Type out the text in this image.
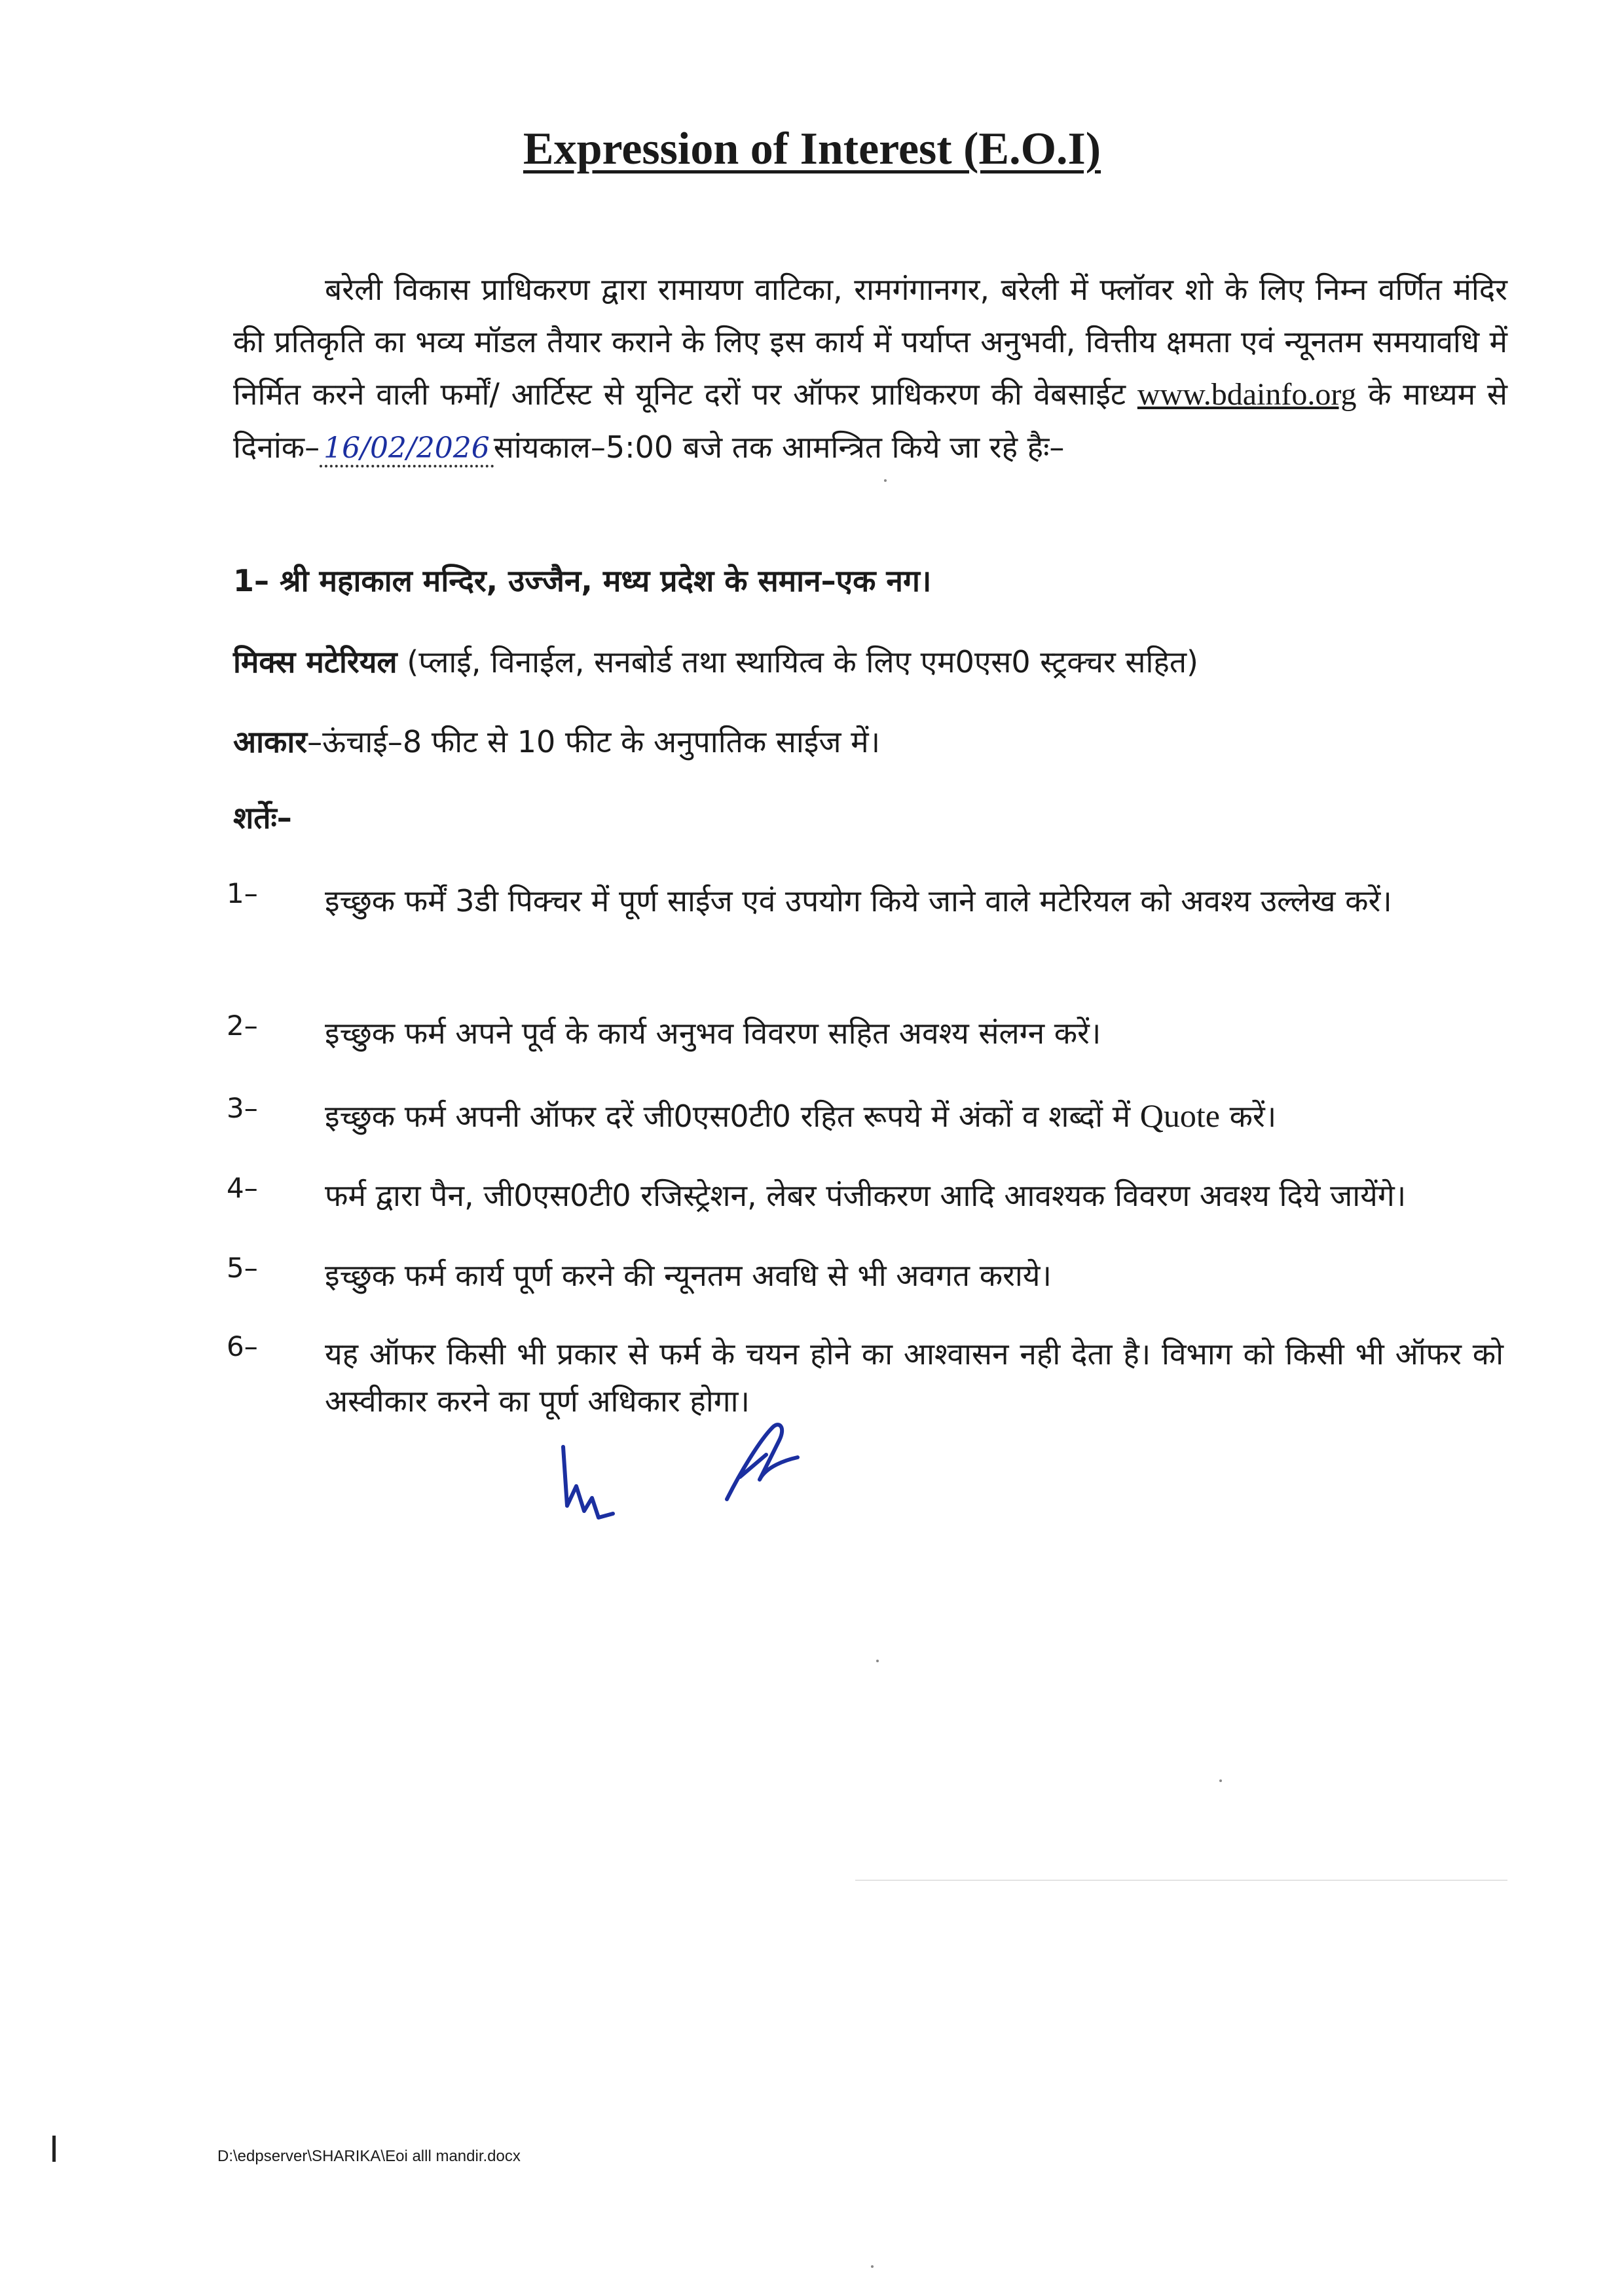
Expression of Interest (E.O.I)
बरेली विकास प्राधिकरण द्वारा रामायण वाटिका, रामगंगानगर, बरेली में फ्लॉवर शो के लिए निम्न वर्णित मंदिर की प्रतिकृति का भव्य मॉडल तैयार कराने के लिए इस कार्य में पर्याप्त अनुभवी, वित्तीय क्षमता एवं न्यूनतम समयावधि में निर्मित करने वाली फर्मों/ आर्टिस्ट से यूनिट दरों पर ऑफर प्राधिकरण की वेबसाईट www.bdainfo.org के माध्यम से दिनांक– 16/02/2026 सांयकाल–5:00 बजे तक आमन्त्रित किये जा रहे हैः–
1– श्री महाकाल मन्दिर, उज्जैन, मध्य प्रदेश के समान–एक नग।
मिक्स मटेरियल (प्लाई, विनाईल, सनबोर्ड तथा स्थायित्व के लिए एम0एस0 स्ट्रक्चर सहित)
आकार–ऊंचाई–8 फीट से 10 फीट के अनुपातिक साईज में।
शर्तेः–
1–	इच्छुक फर्में 3डी पिक्चर में पूर्ण साईज एवं उपयोग किये जाने वाले मटेरियल को अवश्य उल्लेख करें।
2–	इच्छुक फर्म अपने पूर्व के कार्य अनुभव विवरण सहित अवश्य संलग्न करें।
3–	इच्छुक फर्म अपनी ऑफर दरें जी0एस0टी0 रहित रूपये में अंकों व शब्दों में Quote करें।
4–	फर्म द्वारा पैन, जी0एस0टी0 रजिस्ट्रेशन, लेबर पंजीकरण आदि आवश्यक विवरण अवश्य दिये जायेंगे।
5–	इच्छुक फर्म कार्य पूर्ण करने की न्यूनतम अवधि से भी अवगत कराये।
6–	यह ऑफर किसी भी प्रकार से फर्म के चयन होने का आश्वासन नही देता है। विभाग को किसी भी ऑफर को अस्वीकार करने का पूर्ण अधिकार होगा।
D:\edpserver\SHARIKA\Eoi alll mandir.docx
